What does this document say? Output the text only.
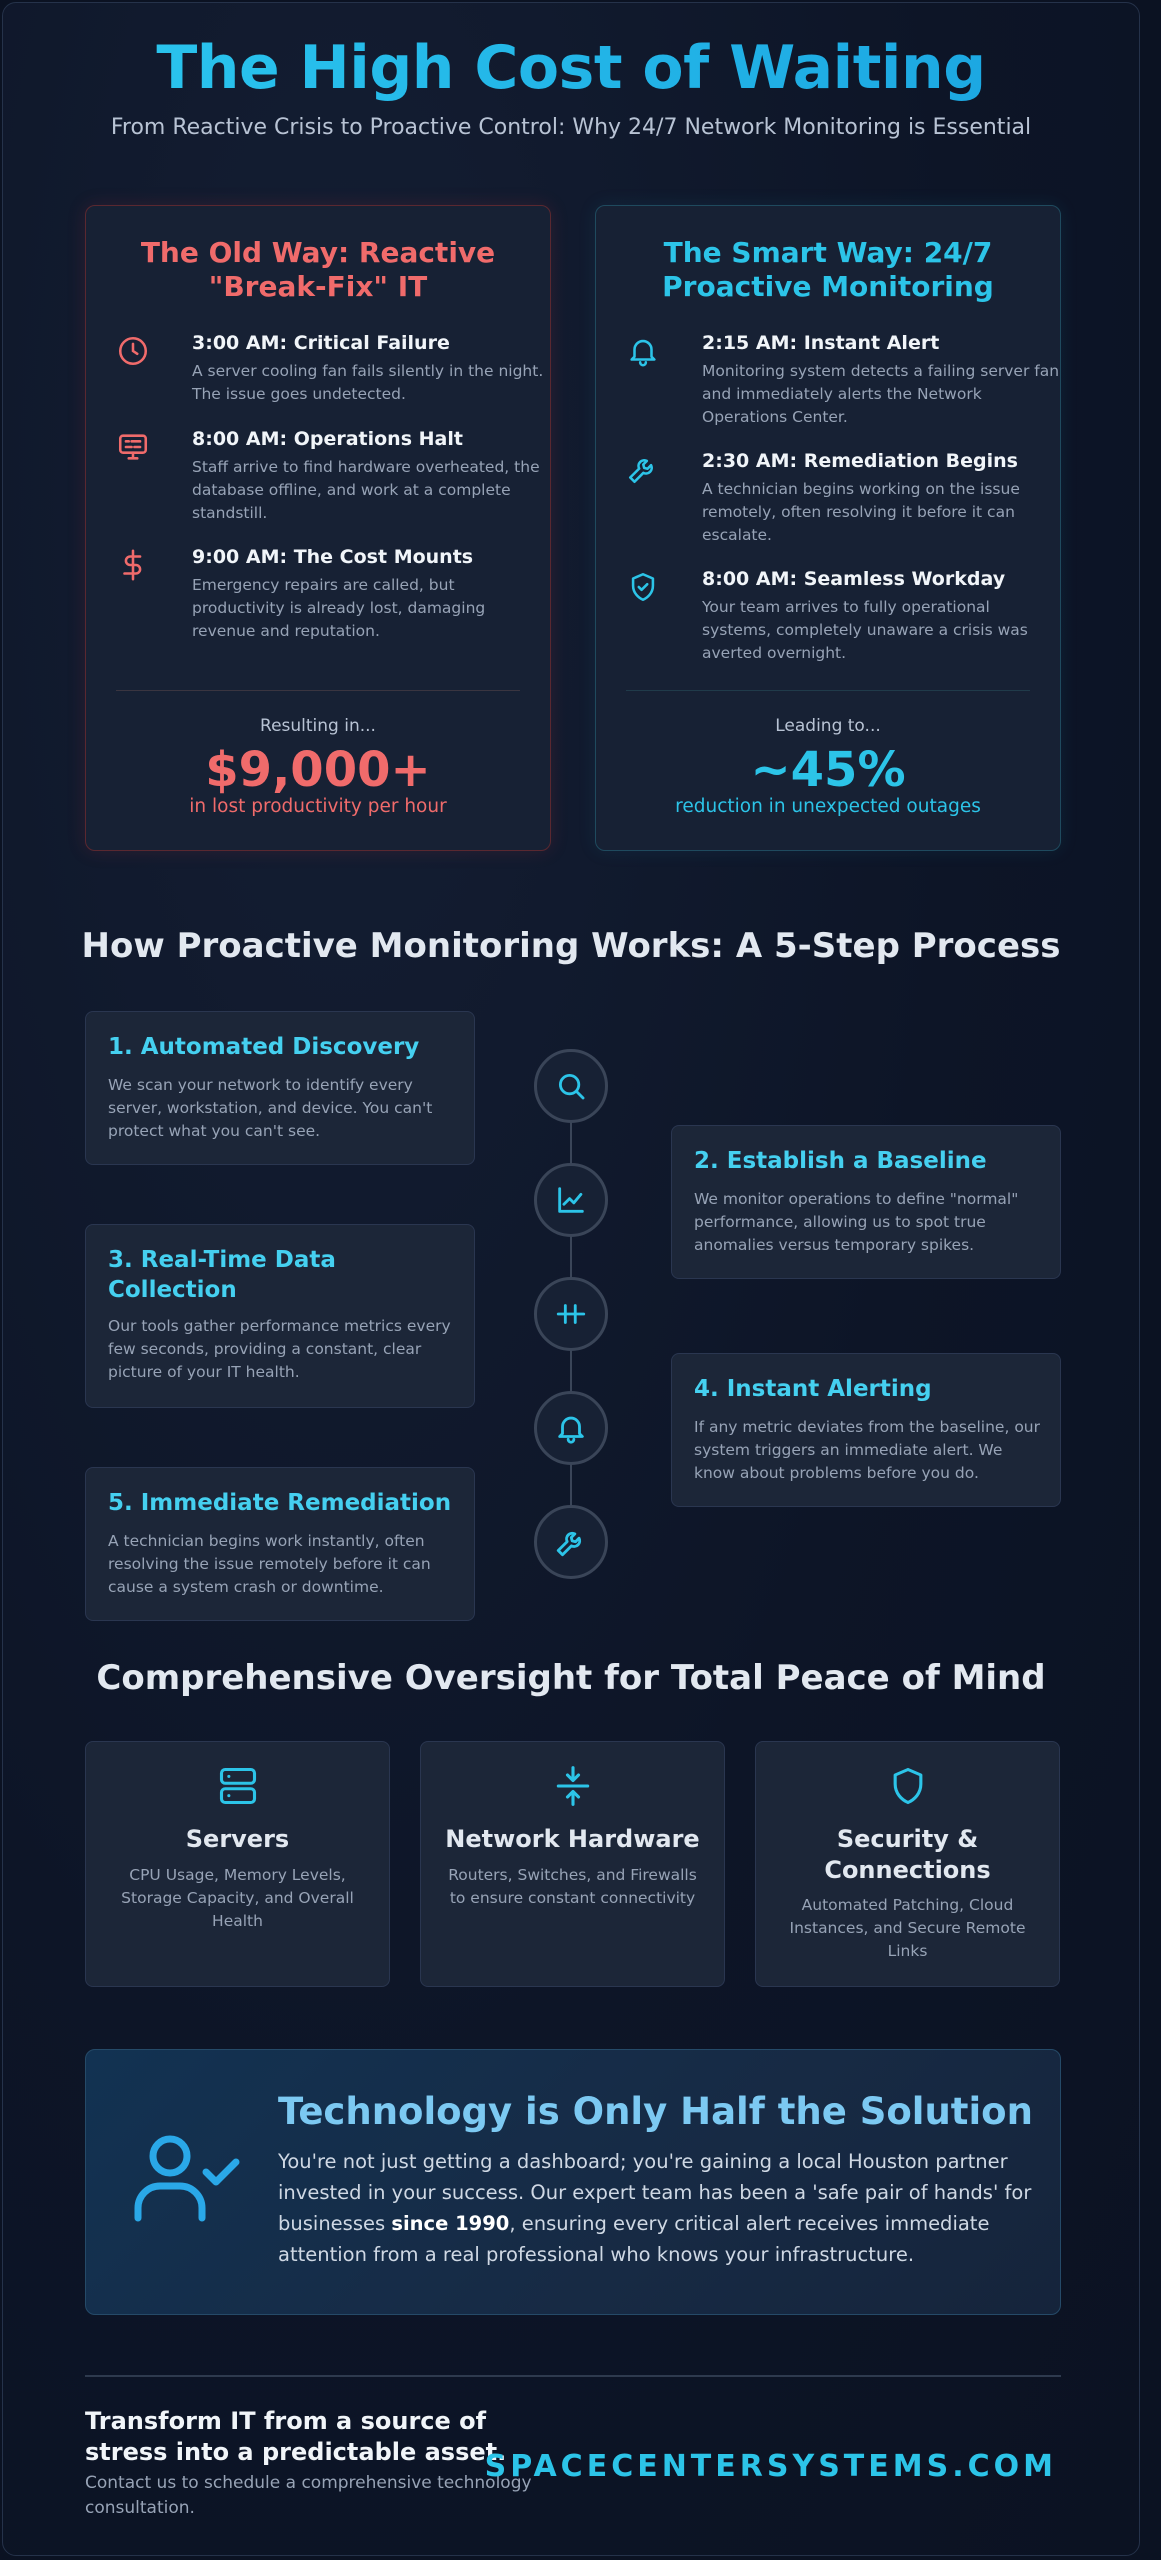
The High Cost of Waiting
From Reactive Crisis to Proactive Control: Why 24/7 Network Monitoring is Essential
The Old Way: Reactive "Break-Fix" IT
3:00 AM: Critical Failure
A server cooling fan fails silently in the night. The issue goes undetected.
8:00 AM: Operations Halt
Staff arrive to find hardware overheated, the database offline, and work at a complete standstill.
9:00 AM: The Cost Mounts
Emergency repairs are called, but productivity is already lost, damaging revenue and reputation.
Resulting in...
$9,000+
in lost productivity per hour
The Smart Way: 24/7 Proactive Monitoring
2:15 AM: Instant Alert
Monitoring system detects a failing server fan and immediately alerts the Network Operations Center.
2:30 AM: Remediation Begins
A technician begins working on the issue remotely, often resolving it before it can escalate.
8:00 AM: Seamless Workday
Your team arrives to fully operational systems, completely unaware a crisis was averted overnight.
Leading to...
~45%
reduction in unexpected outages
How Proactive Monitoring Works: A 5-Step Process
1. Automated Discovery
We scan your network to identify every server, workstation, and device. You can't protect what you can't see.
2. Establish a Baseline
We monitor operations to define "normal" performance, allowing us to spot true anomalies versus temporary spikes.
3. Real-Time Data Collection
Our tools gather performance metrics every few seconds, providing a constant, clear picture of your IT health.
4. Instant Alerting
If any metric deviates from the baseline, our system triggers an immediate alert. We know about problems before you do.
5. Immediate Remediation
A technician begins work instantly, often resolving the issue remotely before it can cause a system crash or downtime.
Comprehensive Oversight for Total Peace of Mind
Servers
CPU Usage, Memory Levels, Storage Capacity, and Overall Health
Network Hardware
Routers, Switches, and Firewalls to ensure constant connectivity
Security & Connections
Automated Patching, Cloud Instances, and Secure Remote Links
Technology is Only Half the Solution
You're not just getting a dashboard; you're gaining a local Houston partner invested in your success. Our expert team has been a 'safe pair of hands' for businesses since 1990, ensuring every critical alert receives immediate attention from a real professional who knows your infrastructure.
Transform IT from a source of stress into a predictable asset.
Contact us to schedule a comprehensive technology consultation.
SPACECENTERSYSTEMS.COM
